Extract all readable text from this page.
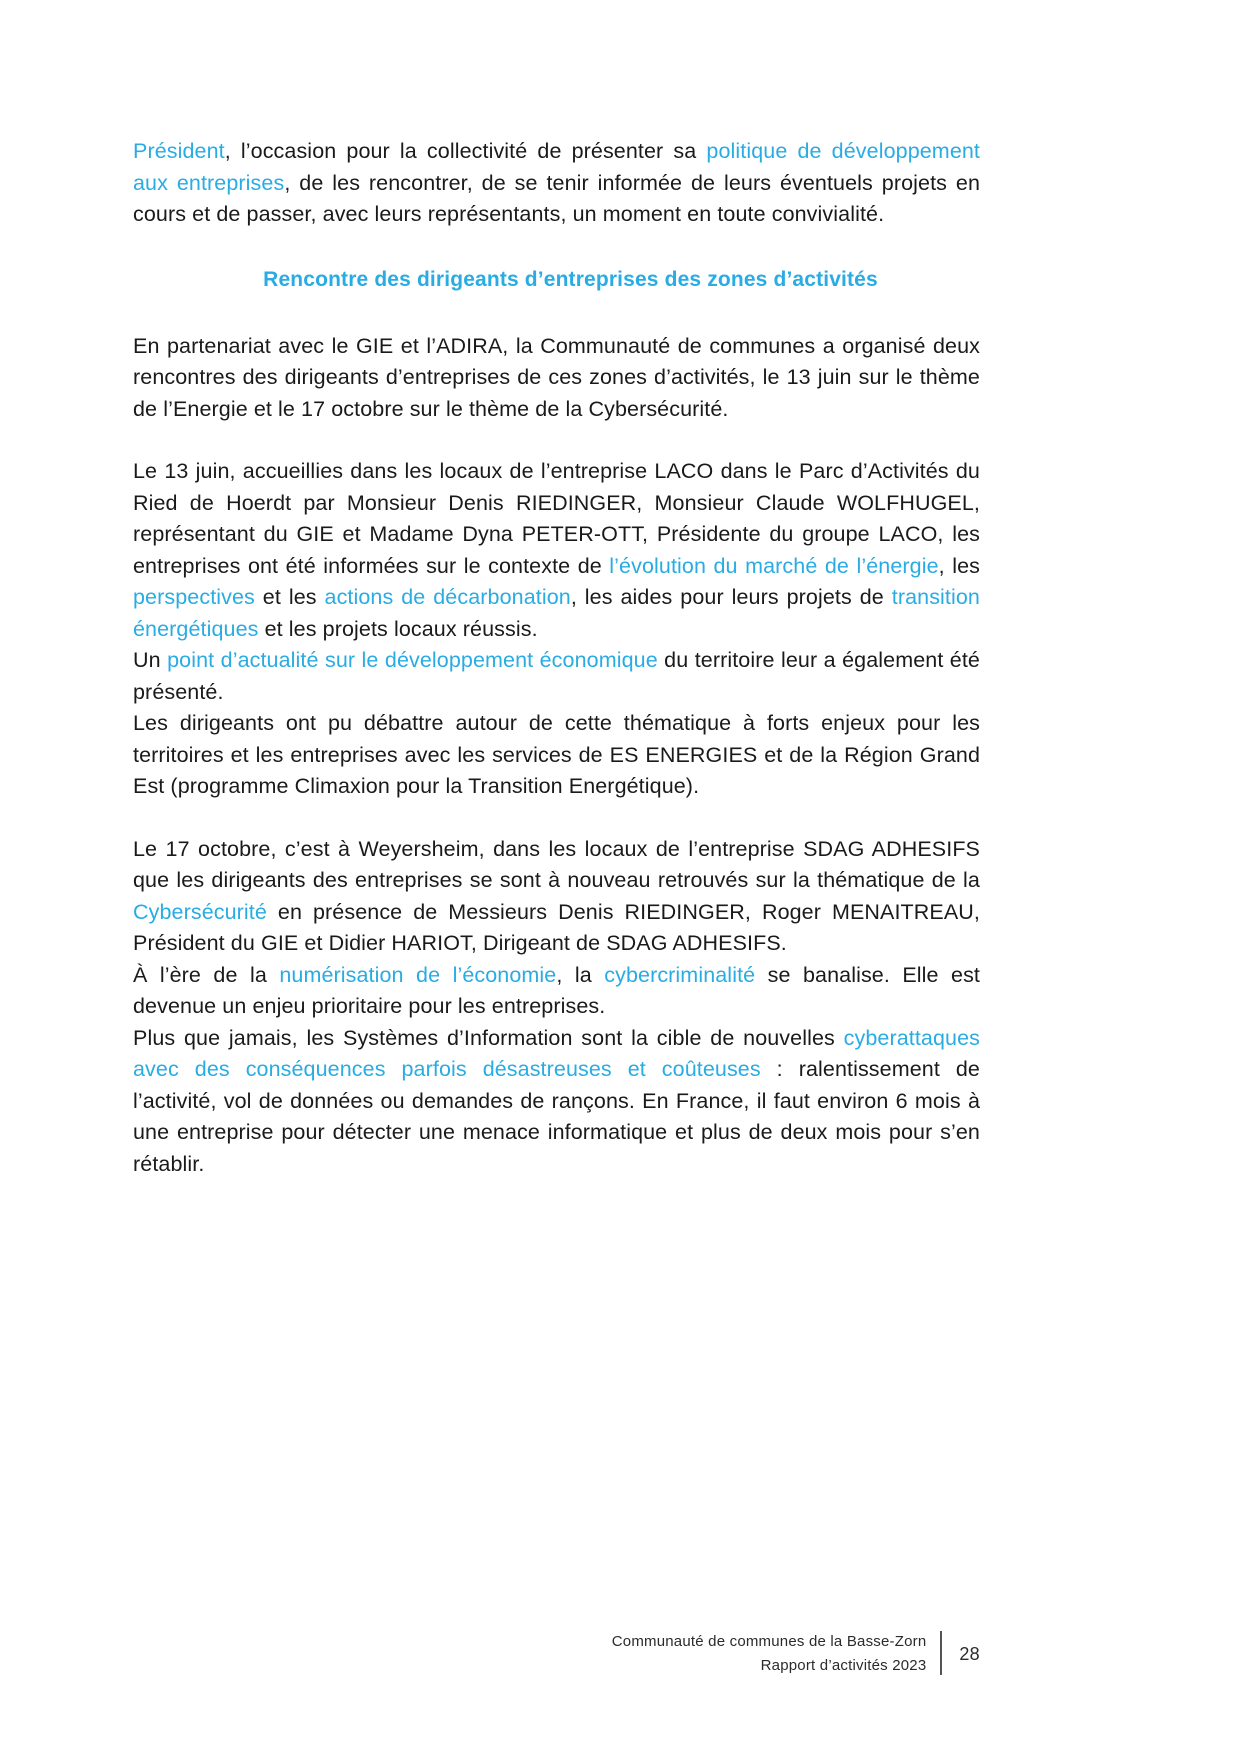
Président, l’occasion pour la collectivité de présenter sa politique de développement aux entreprises, de les rencontrer, de se tenir informée de leurs éventuels projets en cours et de passer, avec leurs représentants, un moment en toute convivialité.

Rencontre des dirigeants d’entreprises des zones d’activités

En partenariat avec le GIE et l’ADIRA, la Communauté de communes a organisé deux rencontres des dirigeants d’entreprises de ces zones d’activités, le 13 juin sur le thème de l’Energie et le 17 octobre sur le thème de la Cybersécurité.

Le 13 juin, accueillies dans les locaux de l’entreprise LACO dans le Parc d’Activités du Ried de Hoerdt par Monsieur Denis RIEDINGER, Monsieur Claude WOLFHUGEL, représentant du GIE et Madame Dyna PETER-OTT, Présidente du groupe LACO, les entreprises ont été informées sur le contexte de l’évolution du marché de l’énergie, les perspectives et les actions de décarbonation, les aides pour leurs projets de transition énergétiques et les projets locaux réussis.

Un point d’actualité sur le développement économique du territoire leur a également été présenté.

Les dirigeants ont pu débattre autour de cette thématique à forts enjeux pour les territoires et les entreprises avec les services de ES ENERGIES et de la Région Grand Est (programme Climaxion pour la Transition Energétique).

Le 17 octobre, c’est à Weyersheim, dans les locaux de l’entreprise SDAG ADHESIFS que les dirigeants des entreprises se sont à nouveau retrouvés sur la thématique de la Cybersécurité en présence de Messieurs Denis RIEDINGER, Roger MENAITREAU, Président du GIE et Didier HARIOT, Dirigeant de SDAG ADHESIFS.

À l’ère de la numérisation de l’économie, la cybercriminalité se banalise. Elle est devenue un enjeu prioritaire pour les entreprises.

Plus que jamais, les Systèmes d’Information sont la cible de nouvelles cyberattaques avec des conséquences parfois désastreuses et coûteuses : ralentissement de l’activité, vol de données ou demandes de rançons. En France, il faut environ 6 mois à une entreprise pour détecter une menace informatique et plus de deux mois pour s’en rétablir.

Communauté de communes de la Basse-Zorn
Rapport d’activités 2023
28
